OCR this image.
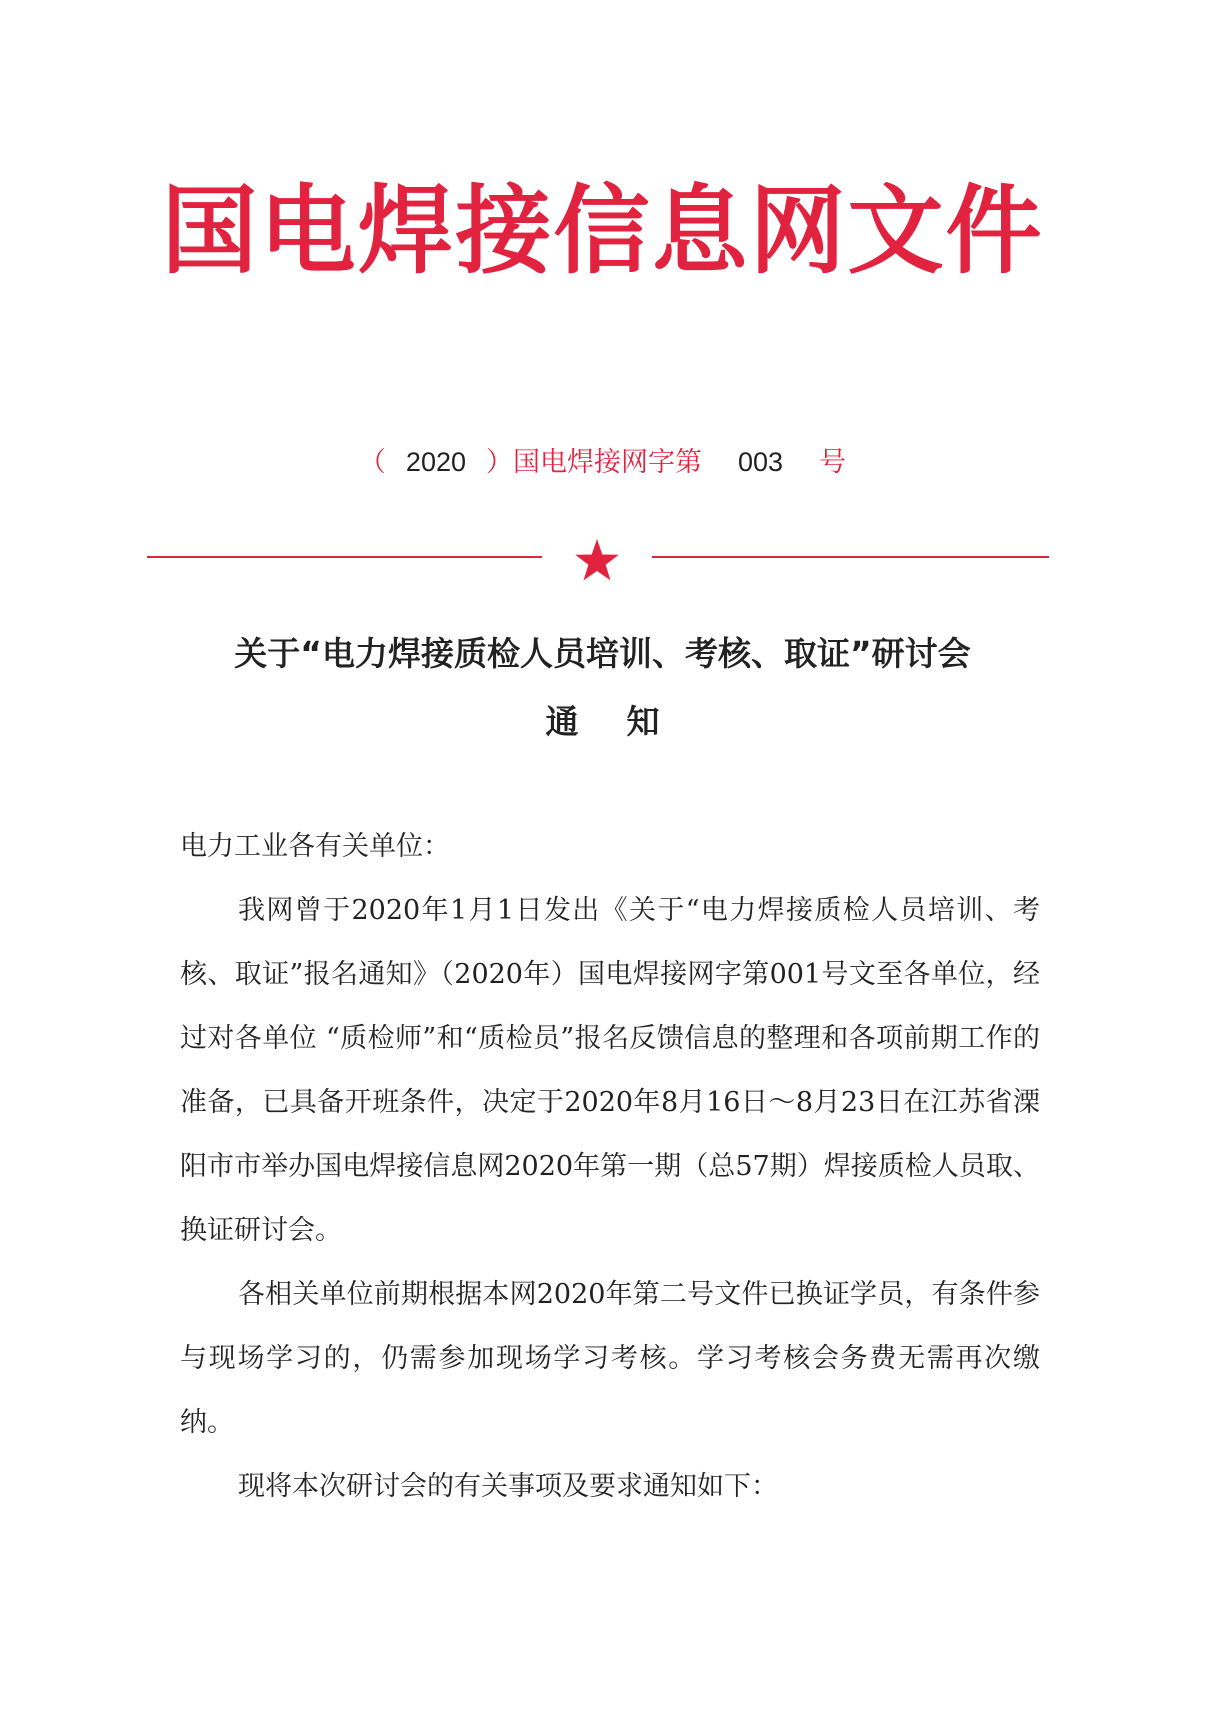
国电焊接信息网文件
（ 2020 ）国电焊接网字第 003 号
关于“电力焊接质检人员培训、考核、取证”研讨会
通知

电力工业各有关单位：

我网曾于2020年1月1日发出《关于“电力焊接质检人员培训、考核、取证”报名通知》（2020年）国电焊接网字第001号文至各单位，经过对各单位 “质检师”和“质检员”报名反馈信息的整理和各项前期工作的准备，已具备开班条件，决定于2020年8月16日～8月23日在江苏省溧阳市市举办国电焊接信息网2020年第一期（总57期）焊接质检人员取、换证研讨会。

各相关单位前期根据本网2020年第二号文件已换证学员，有条件参与现场学习的，仍需参加现场学习考核。学习考核会务费无需再次缴纳。

现将本次研讨会的有关事项及要求通知如下：
